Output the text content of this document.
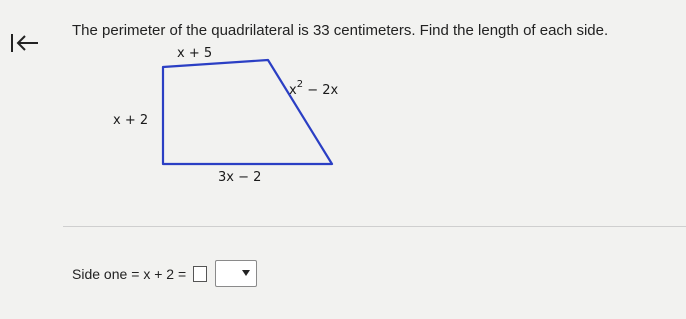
The perimeter of the quadrilateral is 33 centimeters. Find the length of each side.
x + 5
x + 2
$x^2 - 2x$
3x − 2
Side one = x + 2 =
